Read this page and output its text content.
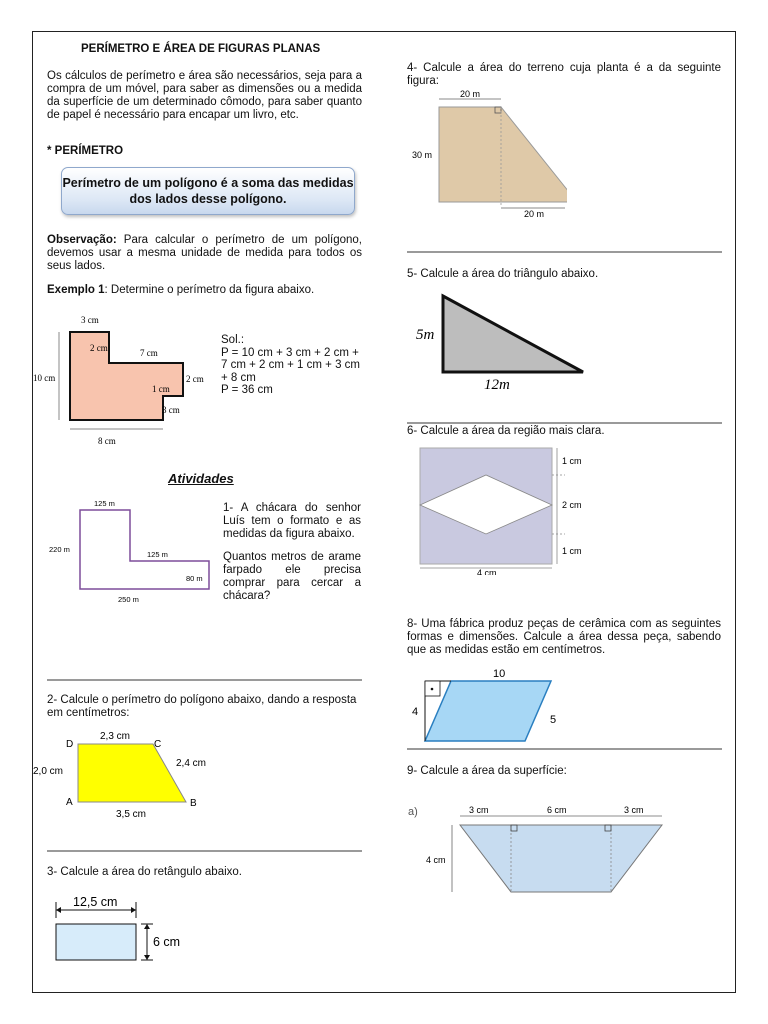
PERÍMETRO E ÁREA DE FIGURAS PLANAS
Os cálculos de perímetro e área são necessários, seja para a compra de um móvel, para saber as dimensões ou a medida da superfície de um determinado cômodo, para saber quanto de papel é necessário para encapar um livro, etc.
* PERÍMETRO
Perímetro de um polígono é a soma das medidas dos lados desse polígono.
Observação: Para calcular o perímetro de um polígono, devemos usar a mesma unidade de medida para todos os seus lados.
Exemplo 1: Determine o perímetro da figura abaixo.
3 cm
2 cm	7 cm
2 cm
1 cm
3 cm
10 cm
8 cm
Sol.:
P = 10 cm + 3 cm + 2 cm +
7 cm + 2 cm + 1 cm + 3 cm
+ 8 cm
P = 36 cm
Atividades
125 m
220 m
125 m
80 m
250 m
1- A chácara do senhor Luís tem o formato e as medidas da figura abaixo.
Quantos metros de arame farpado ele precisa comprar para cercar a chácara?
2- Calcule o perímetro do polígono abaixo, dando a resposta em centímetros:
D	C
A	B
2,3 cm
2,4 cm
2,0 cm
3,5 cm
3- Calcule a área do retângulo abaixo.
12,5 cm
6 cm
4- Calcule a área do terreno cuja planta é a da seguinte figura:
20 m
30 m
20 m
5- Calcule a área do triângulo abaixo.
5m
12m
6- Calcule a área da região mais clara.
1 cm
2 cm
1 cm
4 cm
8- Uma fábrica produz peças de cerâmica com as seguintes formas e dimensões. Calcule a área dessa peça, sabendo que as medidas estão em centímetros.
10
4
5
9- Calcule a área da superfície:
a)	3 cm	6 cm	3 cm
4 cm
